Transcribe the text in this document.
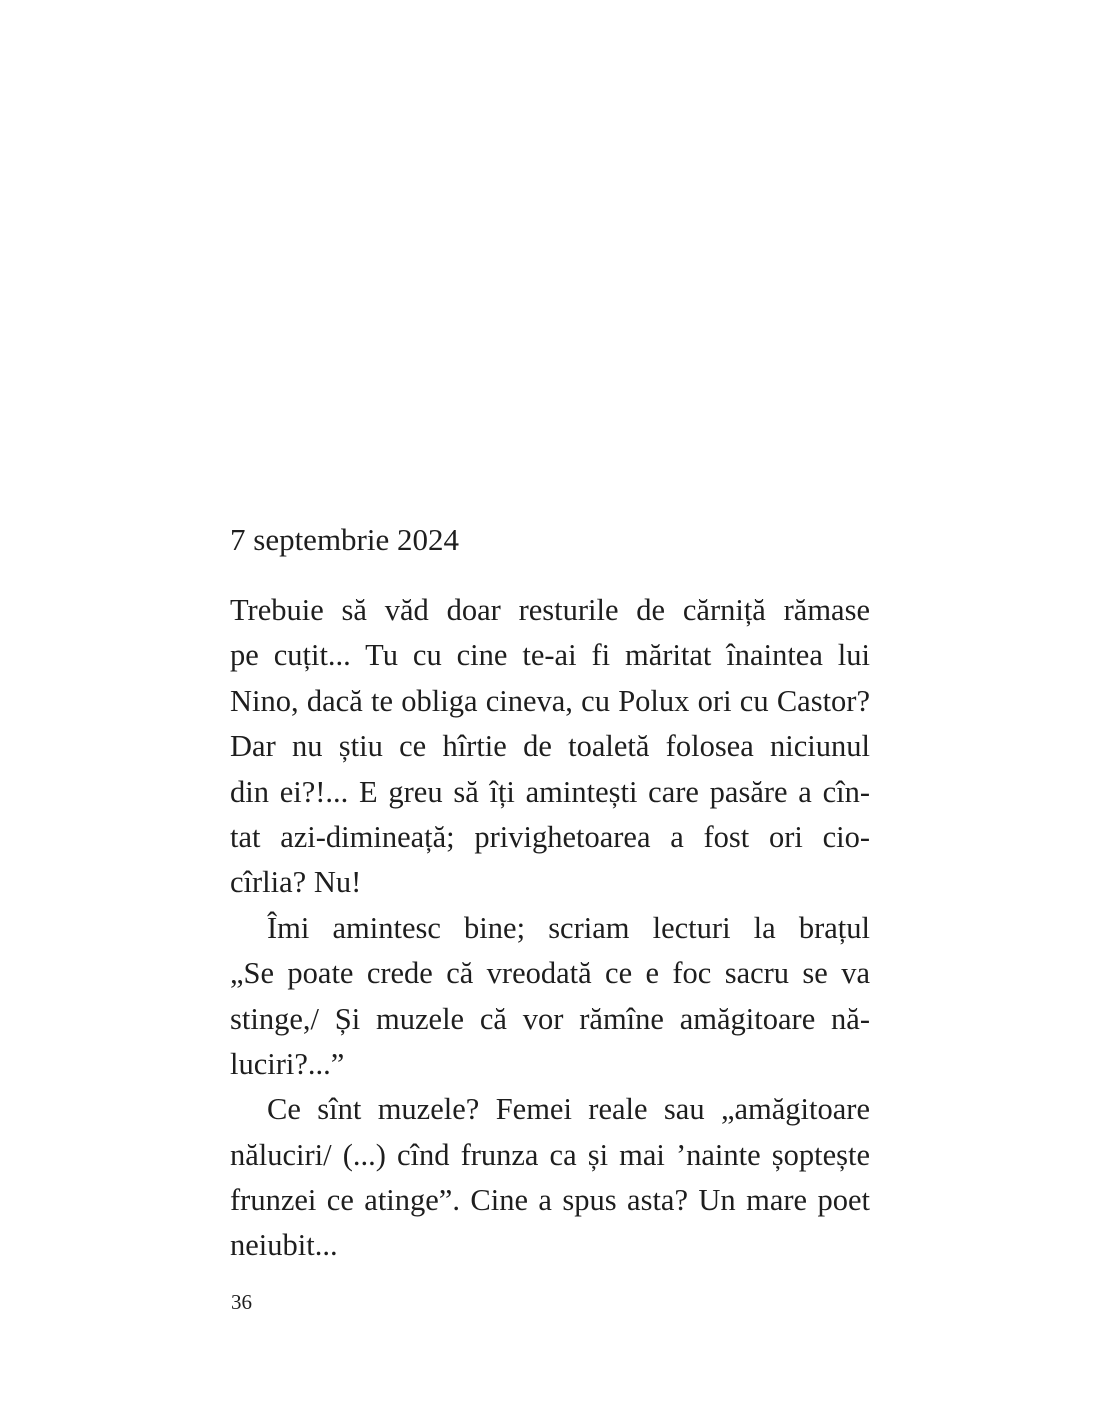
7 septembrie 2024
Trebuie să văd doar resturile de cărniță rămase
pe cuțit... Tu cu cine te-ai fi măritat înaintea lui
Nino, dacă te obliga cineva, cu Polux ori cu Castor?
Dar nu știu ce hîrtie de toaletă folosea niciunul
din ei?!... E greu să îți amintești care pasăre a cîn-
tat azi-dimineață; privighetoarea a fost ori cio-
cîrlia? Nu!
Îmi amintesc bine; scriam lecturi la brațul
„Se poate crede că vreodată ce e foc sacru se va
stinge,/ Și muzele că vor rămîne amăgitoare nă-
luciri?...”
Ce sînt muzele? Femei reale sau „amăgitoare
năluciri/ (...) cînd frunza ca și mai ’nainte șoptește
frunzei ce atinge”. Cine a spus asta? Un mare poet
neiubit...
36
